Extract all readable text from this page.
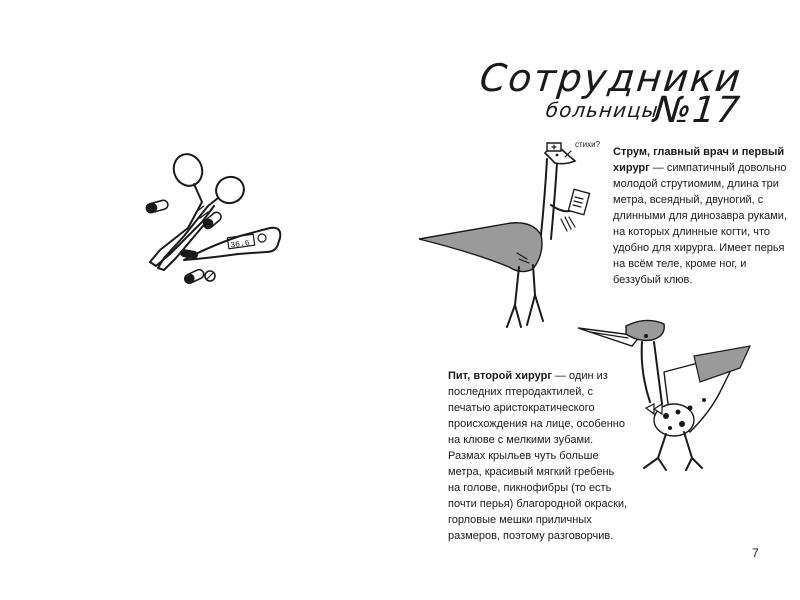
Сотрудники
больницы
№17
36.6
стихи?
Струм, главный врач и первый хирург — симпатичный довольно молодой струтиомим, длина три метра, всеядный, двуногий, с длинными для динозавра руками, на которых длинные когти, что удобно для хирурга. Имеет перья на всём теле, кроме ног, и беззубый клюв.
Пит, второй хирург — один из последних птеродактилей, с печатью аристократического происхождения на лице, особенно на клюве с мелкими зубами. Размах крыльев чуть больше метра, красивый мягкий гребень на голове, пикнофибры (то есть почти перья) благородной окраски, горловые мешки приличных размеров, поэтому разговорчив.
7
